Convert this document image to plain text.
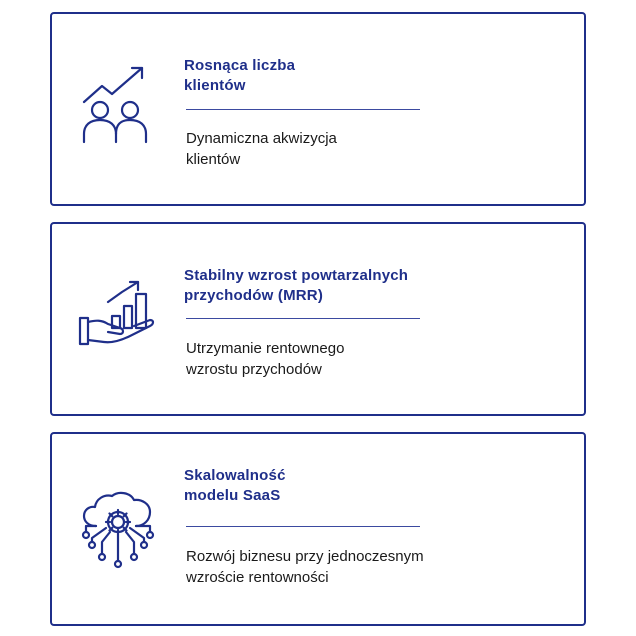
Rosnąca liczba
klientów
Dynamiczna akwizycja
klientów
Stabilny wzrost powtarzalnych
przychodów (MRR)
Utrzymanie rentownego
wzrostu przychodów
Skalowalność
modelu SaaS
Rozwój biznesu przy jednoczesnym
wzroście rentowności
